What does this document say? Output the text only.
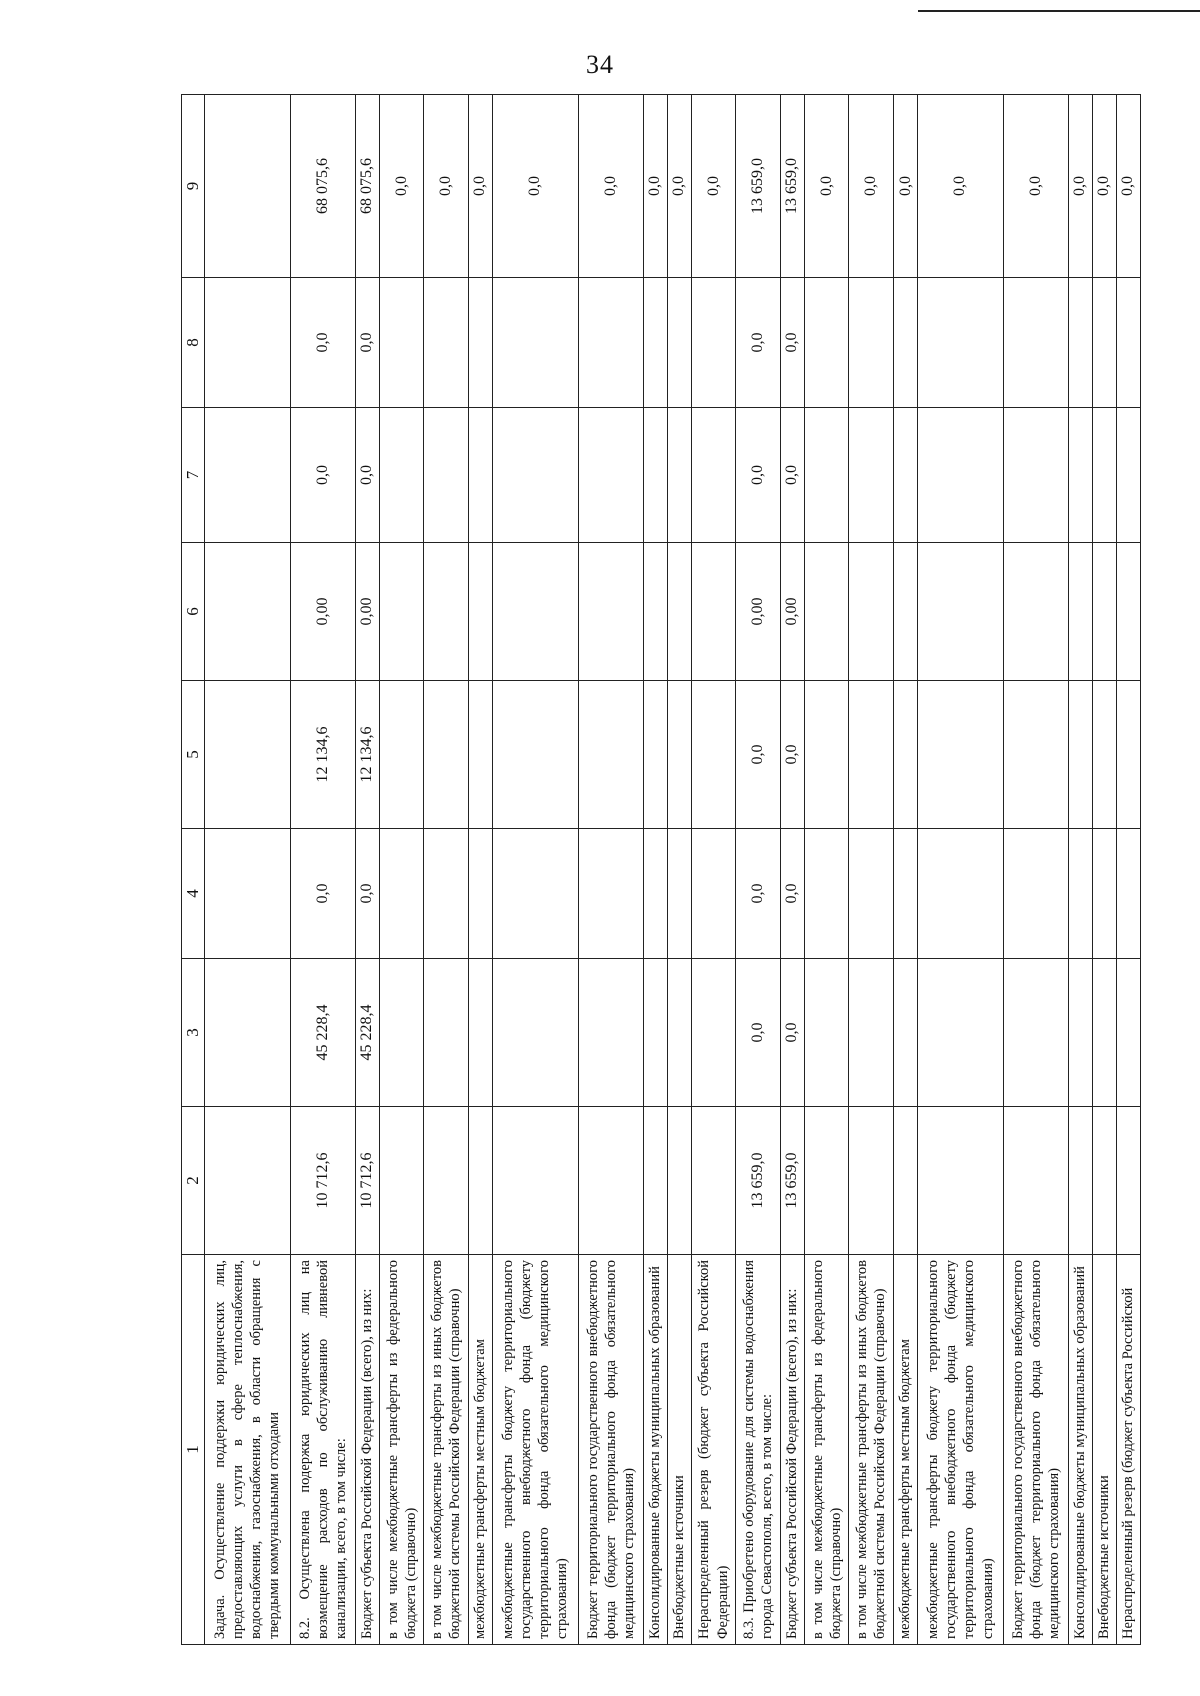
34
1	2	3	4	5	6	7	8	9
Задача. Осуществление поддержки юридических лиц, предоставляющих услуги в сфере теплоснабжения, водоснабжения, газоснабжения, в области обращения с твердыми коммунальными отходами								
8.2. Осуществлена подержка юридических лиц на возмещение расходов по обслуживанию ливневой канализации, всего, в том числе:	10 712,6	45 228,4	0,0	12 134,6	0,00	0,0	0,0	68 075,6
Бюджет субъекта Российской Федерации (всего), из них:	10 712,6	45 228,4	0,0	12 134,6	0,00	0,0	0,0	68 075,6
в том числе межбюджетные трансферты из федерального бюджета (справочно)								0,0
в том числе межбюджетные трансферты из иных бюджетов бюджетной системы Российской Федерации (справочно)								0,0
межбюджетные трансферты местным бюджетам								0,0
межбюджетные трансферты бюджету территориального государственного внебюджетного фонда (бюджету территориального фонда обязательного медицинского страхования)								0,0
Бюджет территориального государственного внебюджетного фонда (бюджет территориального фонда обязательного медицинского страхования)								0,0
Консолидированные бюджеты муниципальных образований								0,0
Внебюджетные источники								0,0
Нераспределенный резерв (бюджет субъекта Российской Федерации)								0,0
8.3. Приобретено оборудование для системы водоснабжения города Севастополя, всего, в том числе:	13 659,0	0,0	0,0	0,0	0,00	0,0	0,0	13 659,0
Бюджет субъекта Российской Федерации (всего), из них:	13 659,0	0,0	0,0	0,0	0,00	0,0	0,0	13 659,0
в том числе межбюджетные трансферты из федерального бюджета (справочно)								0,0
в том числе межбюджетные трансферты из иных бюджетов бюджетной системы Российской Федерации (справочно)								0,0
межбюджетные трансферты местным бюджетам								0,0
межбюджетные трансферты бюджету территориального государственного внебюджетного фонда (бюджету территориального фонда обязательного медицинского страхования)								0,0
Бюджет территориального государственного внебюджетного фонда (бюджет территориального фонда обязательного медицинского страхования)								0,0
Консолидированные бюджеты муниципальных образований								0,0
Внебюджетные источники								0,0
Нераспределенный резерв (бюджет субъекта Российской								0,0
